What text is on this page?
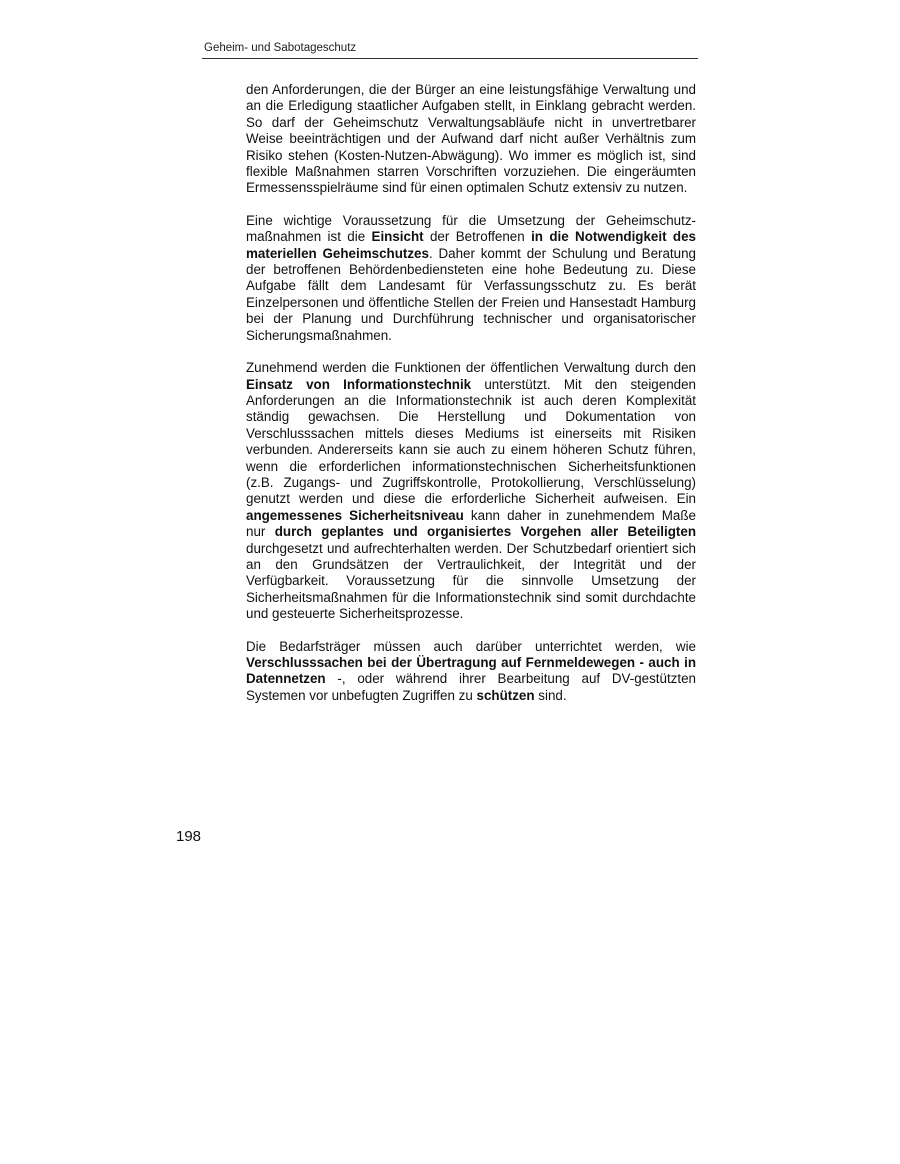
Geheim- und Sabotageschutz

den Anforderungen, die der Bürger an eine leistungsfähige Verwaltung und an die Erledigung staatlicher Aufgaben stellt, in Einklang gebracht werden. So darf der Geheimschutz Verwaltungsabläufe nicht in unvertretbarer Weise beeinträchtigen und der Aufwand darf nicht außer Verhältnis zum Risiko stehen (Kosten-Nutzen-Abwägung). Wo immer es möglich ist, sind flexible Maßnahmen starren Vorschriften vorzuziehen. Die eingeräumten Ermessensspielräume sind für einen optimalen Schutz extensiv zu nutzen.

Eine wichtige Voraussetzung für die Umsetzung der Geheimschutzmaßnahmen ist die Einsicht der Betroffenen in die Notwendigkeit des materiellen Geheimschutzes. Daher kommt der Schulung und Beratung der betroffenen Behördenbediensteten eine hohe Bedeutung zu. Diese Aufgabe fällt dem Landesamt für Verfassungsschutz zu. Es berät Einzelpersonen und öffentliche Stellen der Freien und Hansestadt Hamburg bei der Planung und Durchführung technischer und organisatorischer Sicherungsmaßnahmen.

Zunehmend werden die Funktionen der öffentlichen Verwaltung durch den Einsatz von Informationstechnik unterstützt. Mit den steigenden Anforderungen an die Informationstechnik ist auch deren Komplexität ständig gewachsen. Die Herstellung und Dokumentation von Verschlusssachen mittels dieses Mediums ist einerseits mit Risiken verbunden. Andererseits kann sie auch zu einem höheren Schutz führen, wenn die erforderlichen informationstechnischen Sicherheitsfunktionen (z.B. Zugangs- und Zugriffskontrolle, Protokollierung, Verschlüsselung) genutzt werden und diese die erforderliche Sicherheit aufweisen. Ein angemessenes Sicherheitsniveau kann daher in zunehmendem Maße nur durch geplantes und organisiertes Vorgehen aller Beteiligten durchgesetzt und aufrechterhalten werden. Der Schutzbedarf orientiert sich an den Grundsätzen der Vertraulichkeit, der Integrität und der Verfügbarkeit. Voraussetzung für die sinnvolle Umsetzung der Sicherheitsmaßnahmen für die Informationstechnik sind somit durchdachte und gesteuerte Sicherheitsprozesse.

Die Bedarfsträger müssen auch darüber unterrichtet werden, wie Verschlusssachen bei der Übertragung auf Fernmeldewegen - auch in Datennetzen -, oder während ihrer Bearbeitung auf DV-gestützten Systemen vor unbefugten Zugriffen zu schützen sind.

198
